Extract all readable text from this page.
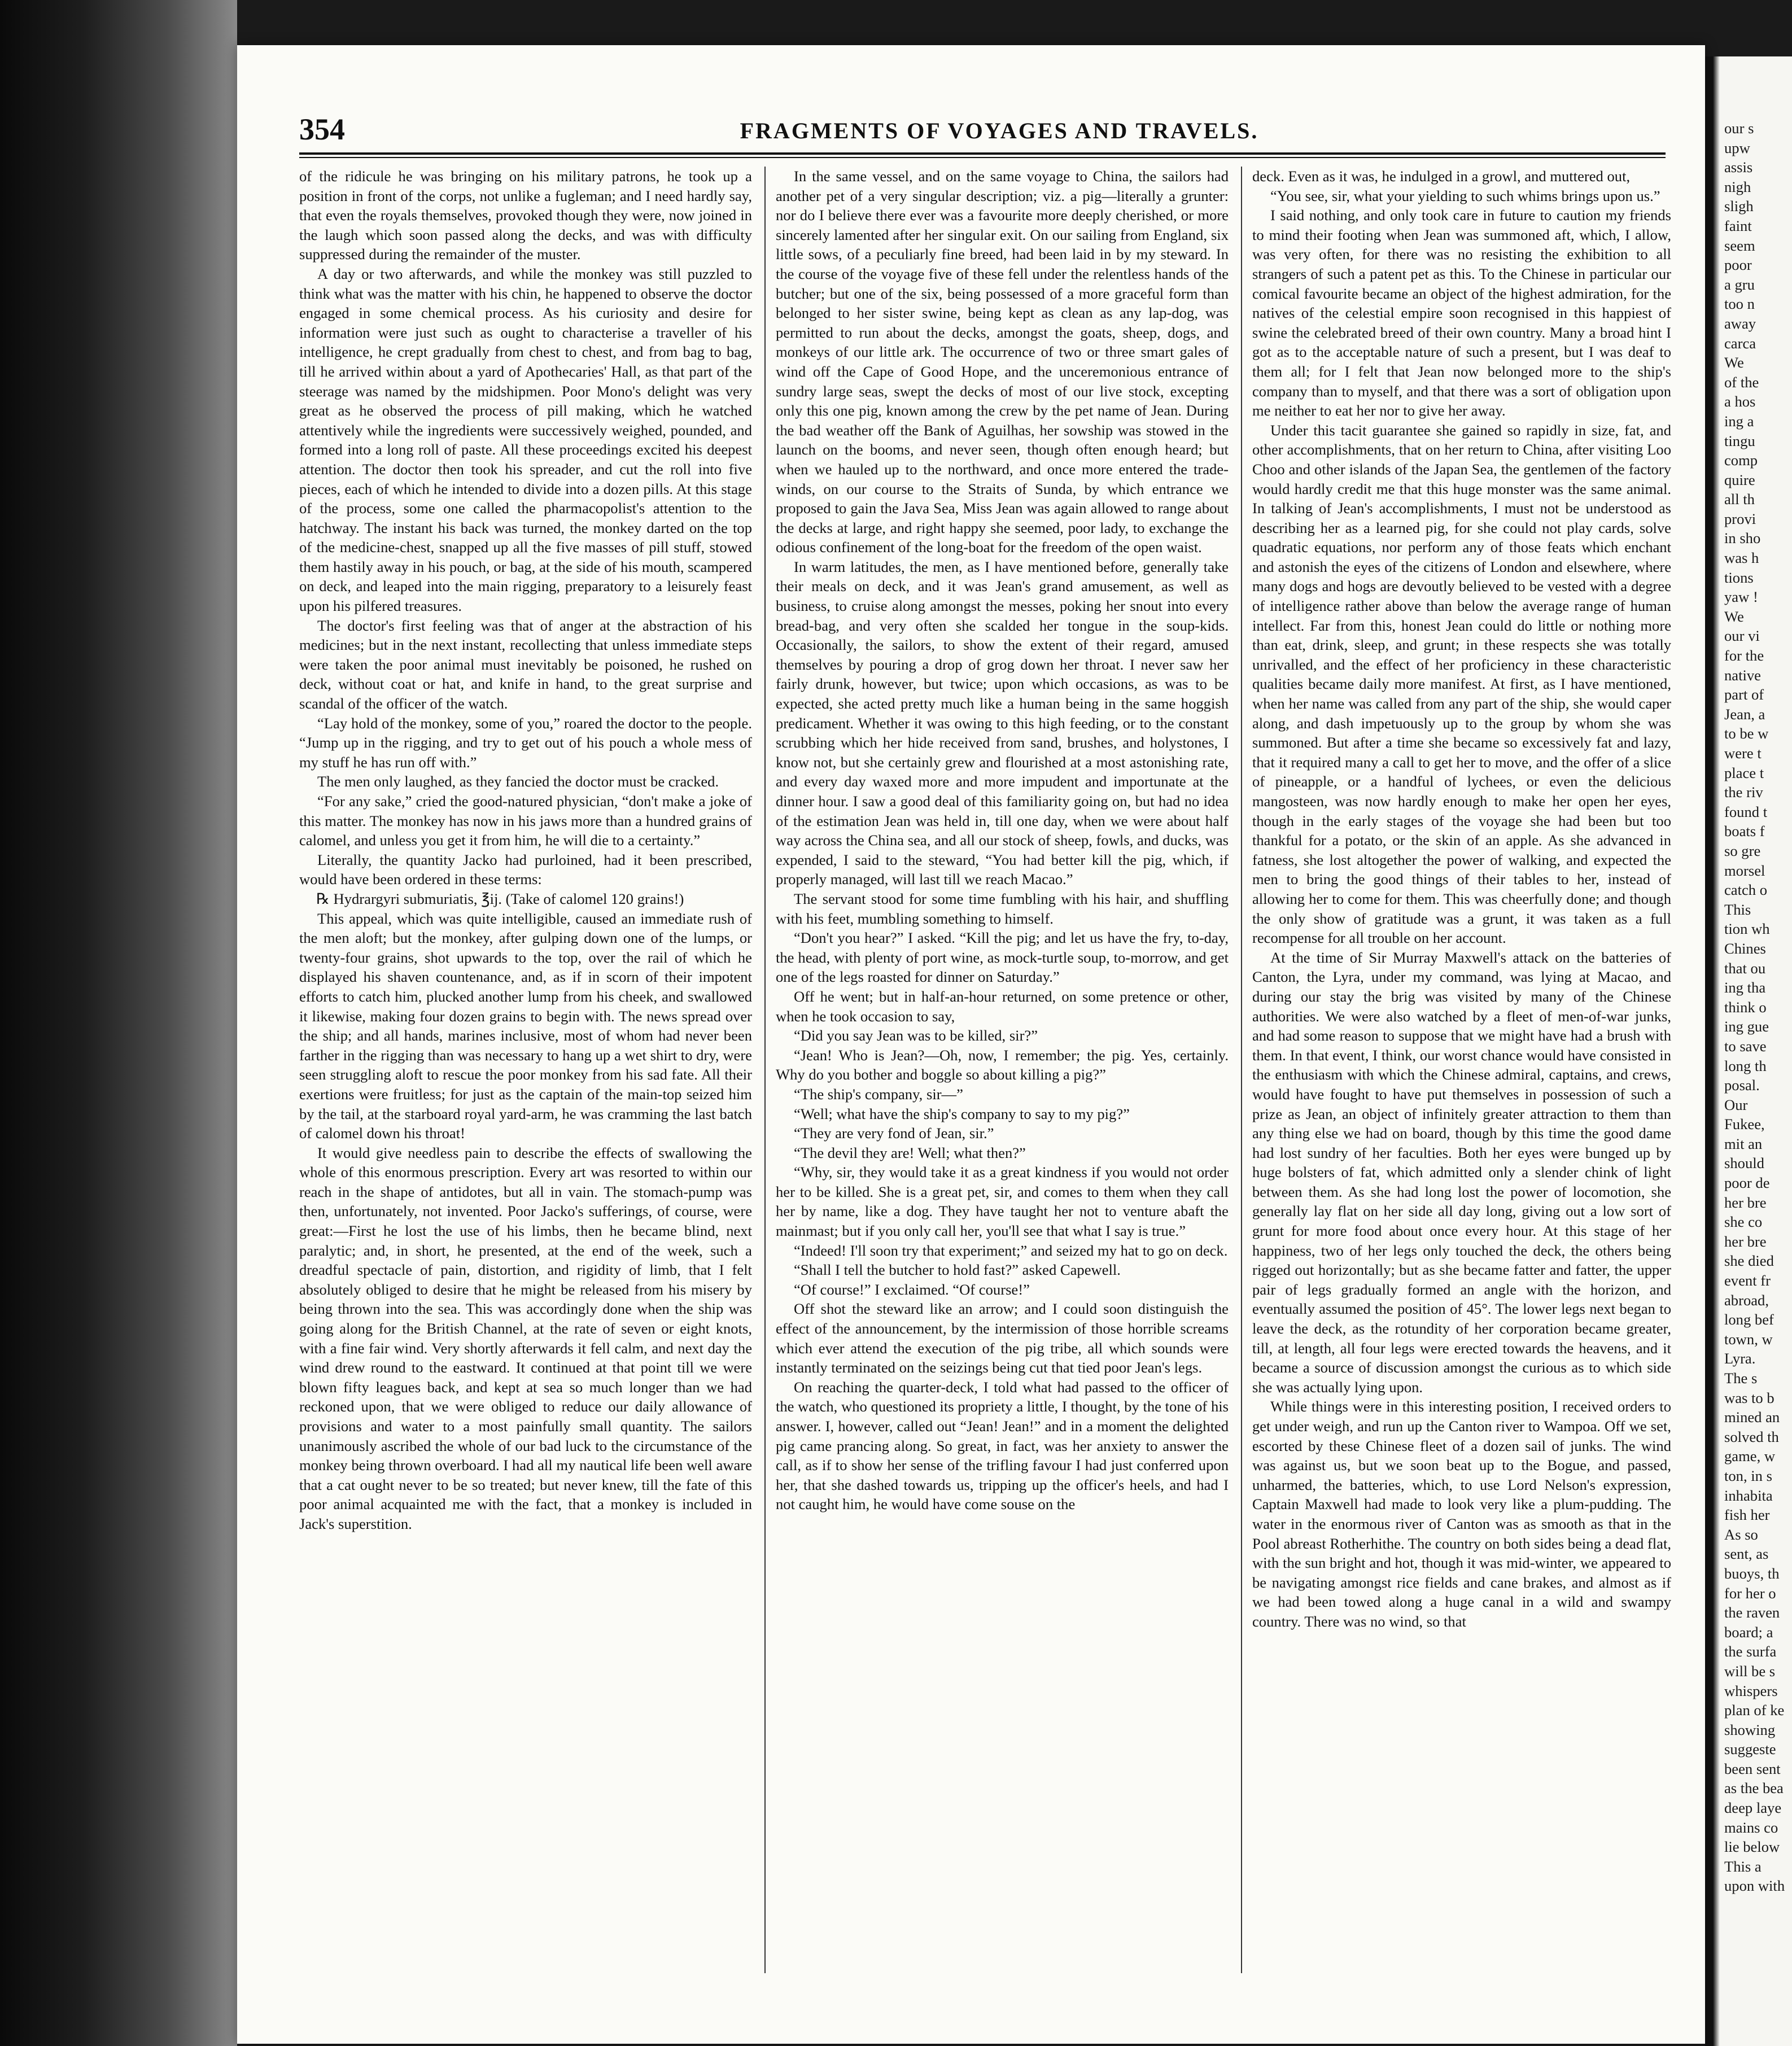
354	FRAGMENTS OF VOYAGES AND TRAVELS.

of the ridicule he was bringing on his military patrons, he took up a position in front of the corps, not unlike a fugleman; and I need hardly say, that even the royals themselves, provoked though they were, now joined in the laugh which soon passed along the decks, and was with difficulty suppressed during the remainder of the muster.

A day or two afterwards, and while the monkey was still puzzled to think what was the matter with his chin, he happened to observe the doctor engaged in some chemical process. As his curiosity and desire for information were just such as ought to characterise a traveller of his intelligence, he crept gradually from chest to chest, and from bag to bag, till he arrived within about a yard of Apothecaries' Hall, as that part of the steerage was named by the midshipmen. Poor Mono's delight was very great as he observed the process of pill making, which he watched attentively while the ingredients were successively weighed, pounded, and formed into a long roll of paste. All these proceedings excited his deepest attention. The doctor then took his spreader, and cut the roll into five pieces, each of which he intended to divide into a dozen pills. At this stage of the process, some one called the pharmacopolist's attention to the hatchway. The instant his back was turned, the monkey darted on the top of the medicine-chest, snapped up all the five masses of pill stuff, stowed them hastily away in his pouch, or bag, at the side of his mouth, scampered on deck, and leaped into the main rigging, preparatory to a leisurely feast upon his pilfered treasures.

The doctor's first feeling was that of anger at the abstraction of his medicines; but in the next instant, recollecting that unless immediate steps were taken the poor animal must inevitably be poisoned, he rushed on deck, without coat or hat, and knife in hand, to the great surprise and scandal of the officer of the watch.

“Lay hold of the monkey, some of you,” roared the doctor to the people. “Jump up in the rigging, and try to get out of his pouch a whole mess of my stuff he has run off with.”

The men only laughed, as they fancied the doctor must be cracked.

“For any sake,” cried the good-natured physician, “don't make a joke of this matter. The monkey has now in his jaws more than a hundred grains of calomel, and unless you get it from him, he will die to a certainty.”

Literally, the quantity Jacko had purloined, had it been prescribed, would have been ordered in these terms:

℞ Hydrargyri submuriatis, ℥ij. (Take of calomel 120 grains!)

This appeal, which was quite intelligible, caused an immediate rush of the men aloft; but the monkey, after gulping down one of the lumps, or twenty-four grains, shot upwards to the top, over the rail of which he displayed his shaven countenance, and, as if in scorn of their impotent efforts to catch him, plucked another lump from his cheek, and swallowed it likewise, making four dozen grains to begin with. The news spread over the ship; and all hands, marines inclusive, most of whom had never been farther in the rigging than was necessary to hang up a wet shirt to dry, were seen struggling aloft to rescue the poor monkey from his sad fate. All their exertions were fruitless; for just as the captain of the main-top seized him by the tail, at the starboard royal yard-arm, he was cramming the last batch of calomel down his throat!

It would give needless pain to describe the effects of swallowing the whole of this enormous prescription. Every art was resorted to within our reach in the shape of antidotes, but all in vain. The stomach-pump was then, unfortunately, not invented. Poor Jacko's sufferings, of course, were great:—First he lost the use of his limbs, then he became blind, next paralytic; and, in short, he presented, at the end of the week, such a dreadful spectacle of pain, distortion, and rigidity of limb, that I felt absolutely obliged to desire that he might be released from his misery by being thrown into the sea. This was accordingly done when the ship was going along for the British Channel, at the rate of seven or eight knots, with a fine fair wind. Very shortly afterwards it fell calm, and next day the wind drew round to the eastward. It continued at that point till we were blown fifty leagues back, and kept at sea so much longer than we had reckoned upon, that we were obliged to reduce our daily allowance of provisions and water to a most painfully small quantity. The sailors unanimously ascribed the whole of our bad luck to the circumstance of the monkey being thrown overboard. I had all my nautical life been well aware that a cat ought never to be so treated; but never knew, till the fate of this poor animal acquainted me with the fact, that a monkey is included in Jack's superstition.

In the same vessel, and on the same voyage to China, the sailors had another pet of a very singular description; viz. a pig—literally a grunter: nor do I believe there ever was a favourite more deeply cherished, or more sincerely lamented after her singular exit. On our sailing from England, six little sows, of a peculiarly fine breed, had been laid in by my steward. In the course of the voyage five of these fell under the relentless hands of the butcher; but one of the six, being possessed of a more graceful form than belonged to her sister swine, being kept as clean as any lap-dog, was permitted to run about the decks, amongst the goats, sheep, dogs, and monkeys of our little ark. The occurrence of two or three smart gales of wind off the Cape of Good Hope, and the unceremonious entrance of sundry large seas, swept the decks of most of our live stock, excepting only this one pig, known among the crew by the pet name of Jean. During the bad weather off the Bank of Aguilhas, her sowship was stowed in the launch on the booms, and never seen, though often enough heard; but when we hauled up to the northward, and once more entered the trade-winds, on our course to the Straits of Sunda, by which entrance we proposed to gain the Java Sea, Miss Jean was again allowed to range about the decks at large, and right happy she seemed, poor lady, to exchange the odious confinement of the long-boat for the freedom of the open waist.

In warm latitudes, the men, as I have mentioned before, generally take their meals on deck, and it was Jean's grand amusement, as well as business, to cruise along amongst the messes, poking her snout into every bread-bag, and very often she scalded her tongue in the soup-kids. Occasionally, the sailors, to show the extent of their regard, amused themselves by pouring a drop of grog down her throat. I never saw her fairly drunk, however, but twice; upon which occasions, as was to be expected, she acted pretty much like a human being in the same hoggish predicament. Whether it was owing to this high feeding, or to the constant scrubbing which her hide received from sand, brushes, and holystones, I know not, but she certainly grew and flourished at a most astonishing rate, and every day waxed more and more impudent and importunate at the dinner hour. I saw a good deal of this familiarity going on, but had no idea of the estimation Jean was held in, till one day, when we were about half way across the China sea, and all our stock of sheep, fowls, and ducks, was expended, I said to the steward, “You had better kill the pig, which, if properly managed, will last till we reach Macao.”

The servant stood for some time fumbling with his hair, and shuffling with his feet, mumbling something to himself.

“Don't you hear?” I asked. “Kill the pig; and let us have the fry, to-day, the head, with plenty of port wine, as mock-turtle soup, to-morrow, and get one of the legs roasted for dinner on Saturday.”

Off he went; but in half-an-hour returned, on some pretence or other, when he took occasion to say,

“Did you say Jean was to be killed, sir?”

“Jean! Who is Jean?—Oh, now, I remember; the pig. Yes, certainly. Why do you bother and boggle so about killing a pig?”

“The ship's company, sir—”

“Well; what have the ship's company to say to my pig?”

“They are very fond of Jean, sir.”

“The devil they are! Well; what then?”

“Why, sir, they would take it as a great kindness if you would not order her to be killed. She is a great pet, sir, and comes to them when they call her by name, like a dog. They have taught her not to venture abaft the mainmast; but if you only call her, you'll see that what I say is true.”

“Indeed! I'll soon try that experiment;” and seized my hat to go on deck.

“Shall I tell the butcher to hold fast?” asked Capewell.

“Of course!” I exclaimed. “Of course!”

Off shot the steward like an arrow; and I could soon distinguish the effect of the announcement, by the intermission of those horrible screams which ever attend the execution of the pig tribe, all which sounds were instantly terminated on the seizings being cut that tied poor Jean's legs.

On reaching the quarter-deck, I told what had passed to the officer of the watch, who questioned its propriety a little, I thought, by the tone of his answer. I, however, called out “Jean! Jean!” and in a moment the delighted pig came prancing along. So great, in fact, was her anxiety to answer the call, as if to show her sense of the trifling favour I had just conferred upon her, that she dashed towards us, tripping up the officer's heels, and had I not caught him, he would have come souse on the

deck. Even as it was, he indulged in a growl, and muttered out,

“You see, sir, what your yielding to such whims brings upon us.”

I said nothing, and only took care in future to caution my friends to mind their footing when Jean was summoned aft, which, I allow, was very often, for there was no resisting the exhibition to all strangers of such a patent pet as this. To the Chinese in particular our comical favourite became an object of the highest admiration, for the natives of the celestial empire soon recognised in this happiest of swine the celebrated breed of their own country. Many a broad hint I got as to the acceptable nature of such a present, but I was deaf to them all; for I felt that Jean now belonged more to the ship's company than to myself, and that there was a sort of obligation upon me neither to eat her nor to give her away.

Under this tacit guarantee she gained so rapidly in size, fat, and other accomplishments, that on her return to China, after visiting Loo Choo and other islands of the Japan Sea, the gentlemen of the factory would hardly credit me that this huge monster was the same animal. In talking of Jean's accomplishments, I must not be understood as describing her as a learned pig, for she could not play cards, solve quadratic equations, nor perform any of those feats which enchant and astonish the eyes of the citizens of London and elsewhere, where many dogs and hogs are devoutly believed to be vested with a degree of intelligence rather above than below the average range of human intellect. Far from this, honest Jean could do little or nothing more than eat, drink, sleep, and grunt; in these respects she was totally unrivalled, and the effect of her proficiency in these characteristic qualities became daily more manifest. At first, as I have mentioned, when her name was called from any part of the ship, she would caper along, and dash impetuously up to the group by whom she was summoned. But after a time she became so excessively fat and lazy, that it required many a call to get her to move, and the offer of a slice of pineapple, or a handful of lychees, or even the delicious mangosteen, was now hardly enough to make her open her eyes, though in the early stages of the voyage she had been but too thankful for a potato, or the skin of an apple. As she advanced in fatness, she lost altogether the power of walking, and expected the men to bring the good things of their tables to her, instead of allowing her to come for them. This was cheerfully done; and though the only show of gratitude was a grunt, it was taken as a full recompense for all trouble on her account.

At the time of Sir Murray Maxwell's attack on the batteries of Canton, the Lyra, under my command, was lying at Macao, and during our stay the brig was visited by many of the Chinese authorities. We were also watched by a fleet of men-of-war junks, and had some reason to suppose that we might have had a brush with them. In that event, I think, our worst chance would have consisted in the enthusiasm with which the Chinese admiral, captains, and crews, would have fought to have put themselves in possession of such a prize as Jean, an object of infinitely greater attraction to them than any thing else we had on board, though by this time the good dame had lost sundry of her faculties. Both her eyes were bunged up by huge bolsters of fat, which admitted only a slender chink of light between them. As she had long lost the power of locomotion, she generally lay flat on her side all day long, giving out a low sort of grunt for more food about once every hour. At this stage of her happiness, two of her legs only touched the deck, the others being rigged out horizontally; but as she became fatter and fatter, the upper pair of legs gradually formed an angle with the horizon, and eventually assumed the position of 45°. The lower legs next began to leave the deck, as the rotundity of her corporation became greater, till, at length, all four legs were erected towards the heavens, and it became a source of discussion amongst the curious as to which side she was actually lying upon.

While things were in this interesting position, I received orders to get under weigh, and run up the Canton river to Wampoa. Off we set, escorted by these Chinese fleet of a dozen sail of junks. The wind was against us, but we soon beat up to the Bogue, and passed, unharmed, the batteries, which, to use Lord Nelson's expression, Captain Maxwell had made to look very like a plum-pudding. The water in the enormous river of Canton was as smooth as that in the Pool abreast Rotherhithe. The country on both sides being a dead flat, with the sun bright and hot, though it was mid-winter, we appeared to be navigating amongst rice fields and cane brakes, and almost as if we had been towed along a huge canal in a wild and swampy country. There was no wind, so that

our s
upw
assis
nigh
sligh
faint
seem
poor
a gru
too n
away
carca
We
of the
a hos
ing a
tingu
comp
quire
all th
provi
in sho
was h
tions
yaw !
We
our vi
for the
native
part of
Jean, a
to be w
were t
place t
the riv
found t
boats f
so gre
morsel
catch o
This
tion wh
Chines
that ou
ing tha
think o
ing gue
to save
long th
posal.
Our
Fukee,
mit an
should
poor de
her bre
she co
her bre
she died
event fr
abroad,
long bef
town, w
Lyra.
The s
was to b
mined an
solved th
game, w
ton, in s
inhabita
fish her
As so
sent, as
buoys, th
for her o
the raven
board; a
the surfa
will be s
whispers
plan of ke
showing
suggeste
been sent
as the bea
deep laye
mains co
lie below
This a
upon with
